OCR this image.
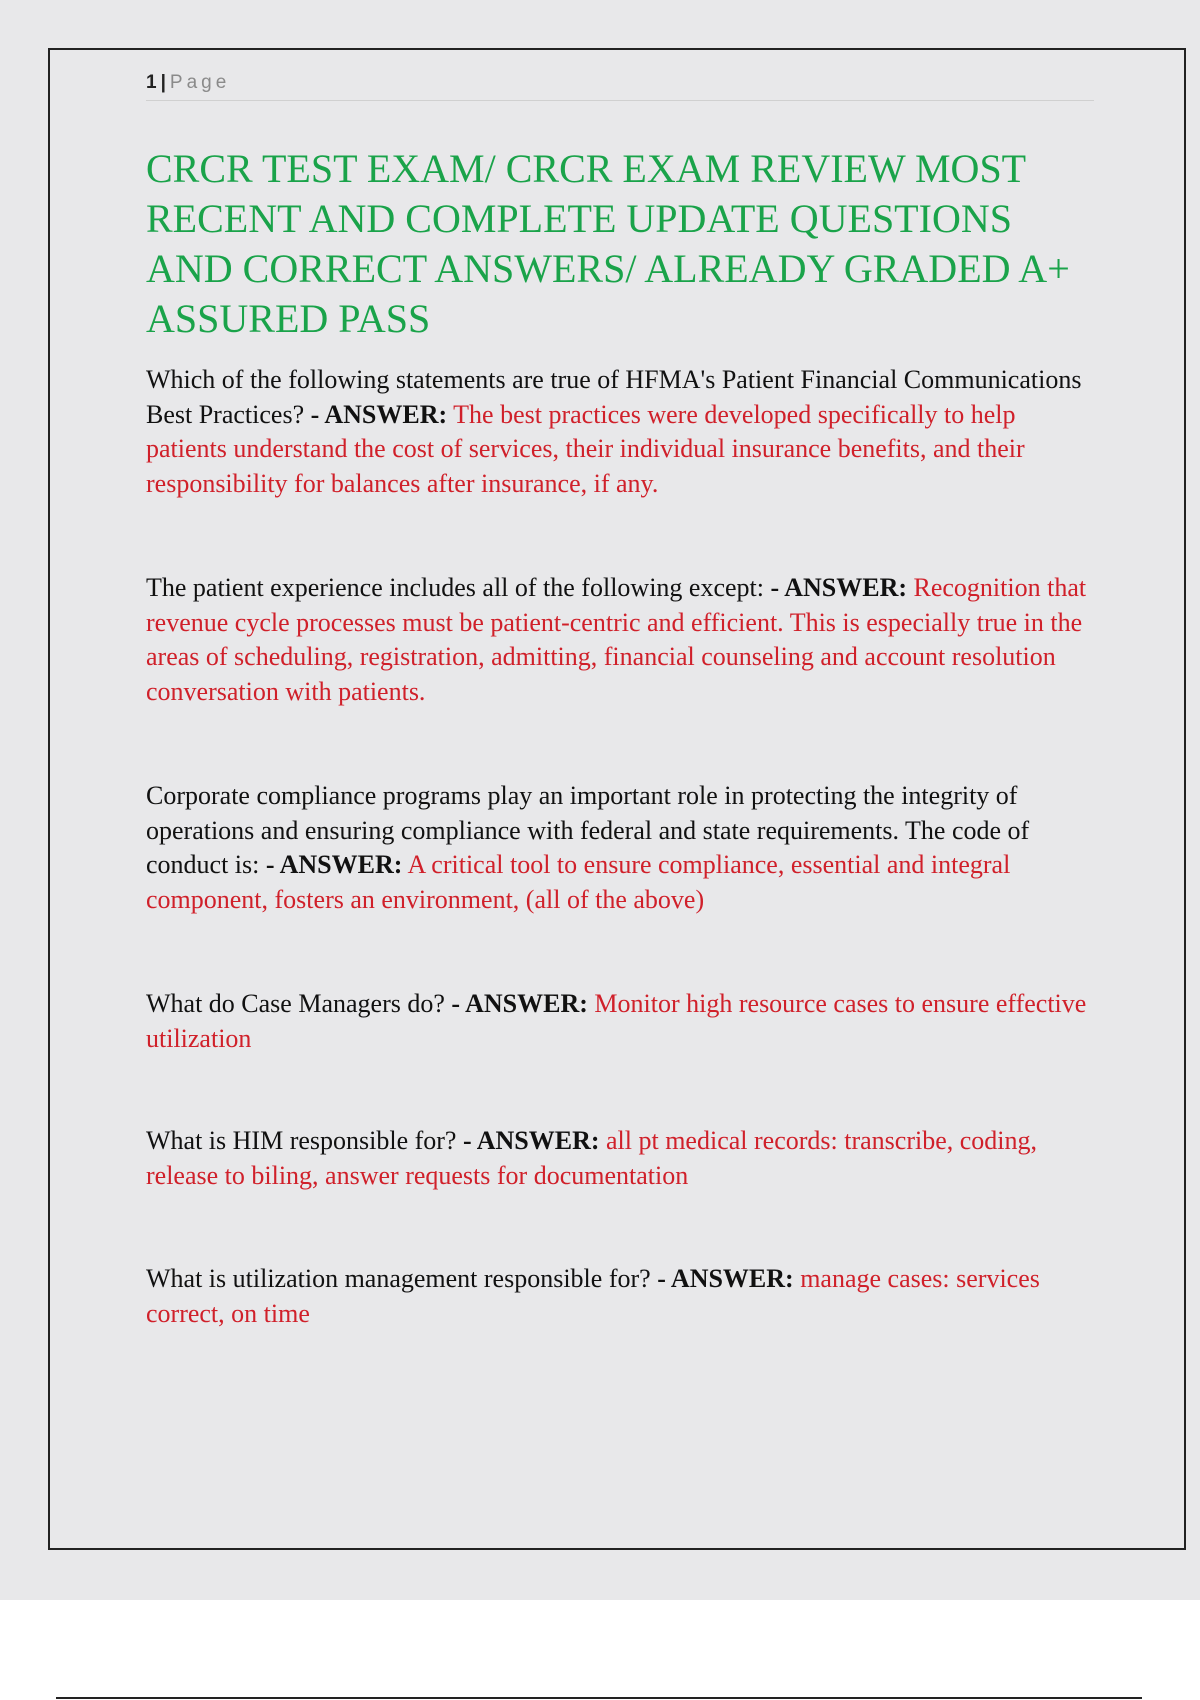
1 | Page
CRCR TEST EXAM/ CRCR EXAM REVIEW MOST RECENT AND COMPLETE UPDATE QUESTIONS AND CORRECT ANSWERS/ ALREADY GRADED A+ ASSURED PASS

Which of the following statements are true of HFMA's Patient Financial Communications Best Practices? - ANSWER: The best practices were developed specifically to help patients understand the cost of services, their individual insurance benefits, and their responsibility for balances after insurance, if any.

The patient experience includes all of the following except: - ANSWER: Recognition that revenue cycle processes must be patient-centric and efficient. This is especially true in the areas of scheduling, registration, admitting, financial counseling and account resolution conversation with patients.

Corporate compliance programs play an important role in protecting the integrity of operations and ensuring compliance with federal and state requirements. The code of conduct is: - ANSWER: A critical tool to ensure compliance, essential and integral component, fosters an environment, (all of the above)

What do Case Managers do? - ANSWER: Monitor high resource cases to ensure effective utilization

What is HIM responsible for? - ANSWER: all pt medical records: transcribe, coding, release to biling, answer requests for documentation

What is utilization management responsible for? - ANSWER: manage cases: services correct, on time
